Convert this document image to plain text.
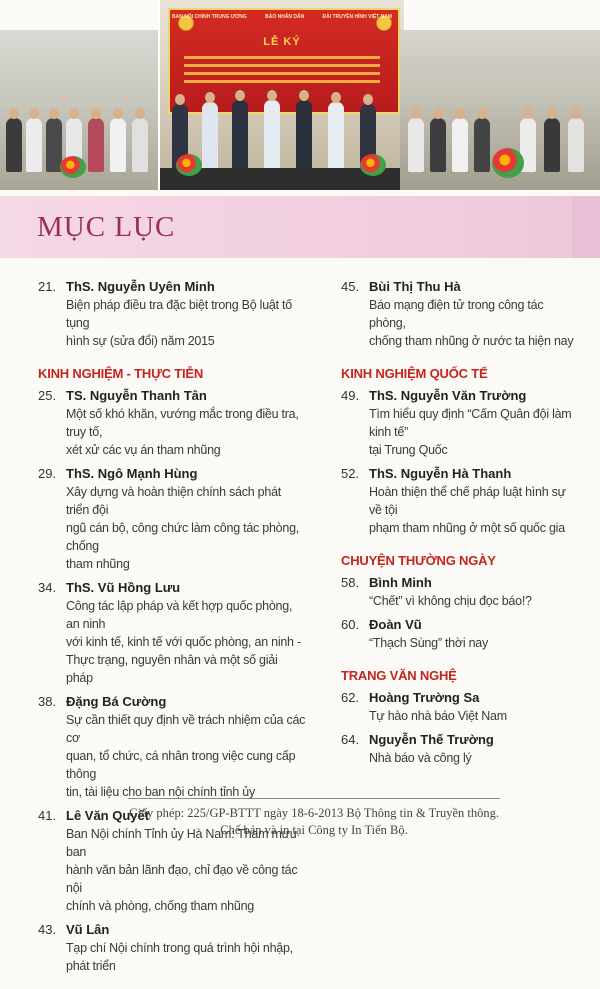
BAN NỘI CHÍNH TRUNG ƯƠNG	BÁO NHÂN DÂN	ĐÀI TRUYỀN HÌNH VIỆT NAM
LỄ KÝ
MỤC LỤC
21. ThS. Nguyễn Uyên Minh
Biện pháp điều tra đặc biệt trong Bộ luật tố tụng
hình sự (sửa đổi) năm 2015
KINH NGHIỆM - THỰC TIỄN
25. TS. Nguyễn Thanh Tân
Một số khó khăn, vướng mắc trong điều tra, truy tố,
xét xử các vụ án tham nhũng
29. ThS. Ngô Mạnh Hùng
Xây dựng và hoàn thiện chính sách phát triển đội
ngũ cán bộ, công chức làm công tác phòng, chống
tham nhũng
34. ThS. Vũ Hồng Lưu
Công tác lập pháp và kết hợp quốc phòng, an ninh
với kinh tế, kinh tế với quốc phòng, an ninh -
Thực trạng, nguyên nhân và một số giải pháp
38. Đặng Bá Cường
Sự cần thiết quy định về trách nhiệm của các cơ
quan, tổ chức, cá nhân trong việc cung cấp thông
tin, tài liệu cho ban nội chính tỉnh ủy
41. Lê Văn Quyết
Ban Nội chính Tỉnh ủy Hà Nam: Tham mưu ban
hành văn bản lãnh đạo, chỉ đạo về công tác nội
chính và phòng, chống tham nhũng
43. Vũ Lân
Tạp chí Nội chính trong quá trình hội nhập, phát triển
45. Bùi Thị Thu Hà
Báo mạng điện tử trong công tác phòng,
chống tham nhũng ở nước ta hiện nay
KINH NGHIỆM QUỐC TẾ
49. ThS. Nguyễn Văn Trường
Tìm hiểu quy định “Cấm Quân đội làm kinh tế”
tại Trung Quốc
52. ThS. Nguyễn Hà Thanh
Hoàn thiện thể chế pháp luật hình sự về tội
phạm tham nhũng ở một số quốc gia
CHUYỆN THƯỜNG NGÀY
58. Bình Minh
“Chết” vì không chịu đọc báo!?
60. Đoàn Vũ
“Thạch Sùng” thời nay
TRANG VĂN NGHỆ
62. Hoàng Trường Sa
Tự hào nhà báo Việt Nam
64. Nguyễn Thế Trường
Nhà báo và công lý
Giấy phép: 225/GP-BTTT ngày 18-6-2013 Bộ Thông tin & Truyền thông.
Chế bản và in tại Công ty In Tiến Bộ.
